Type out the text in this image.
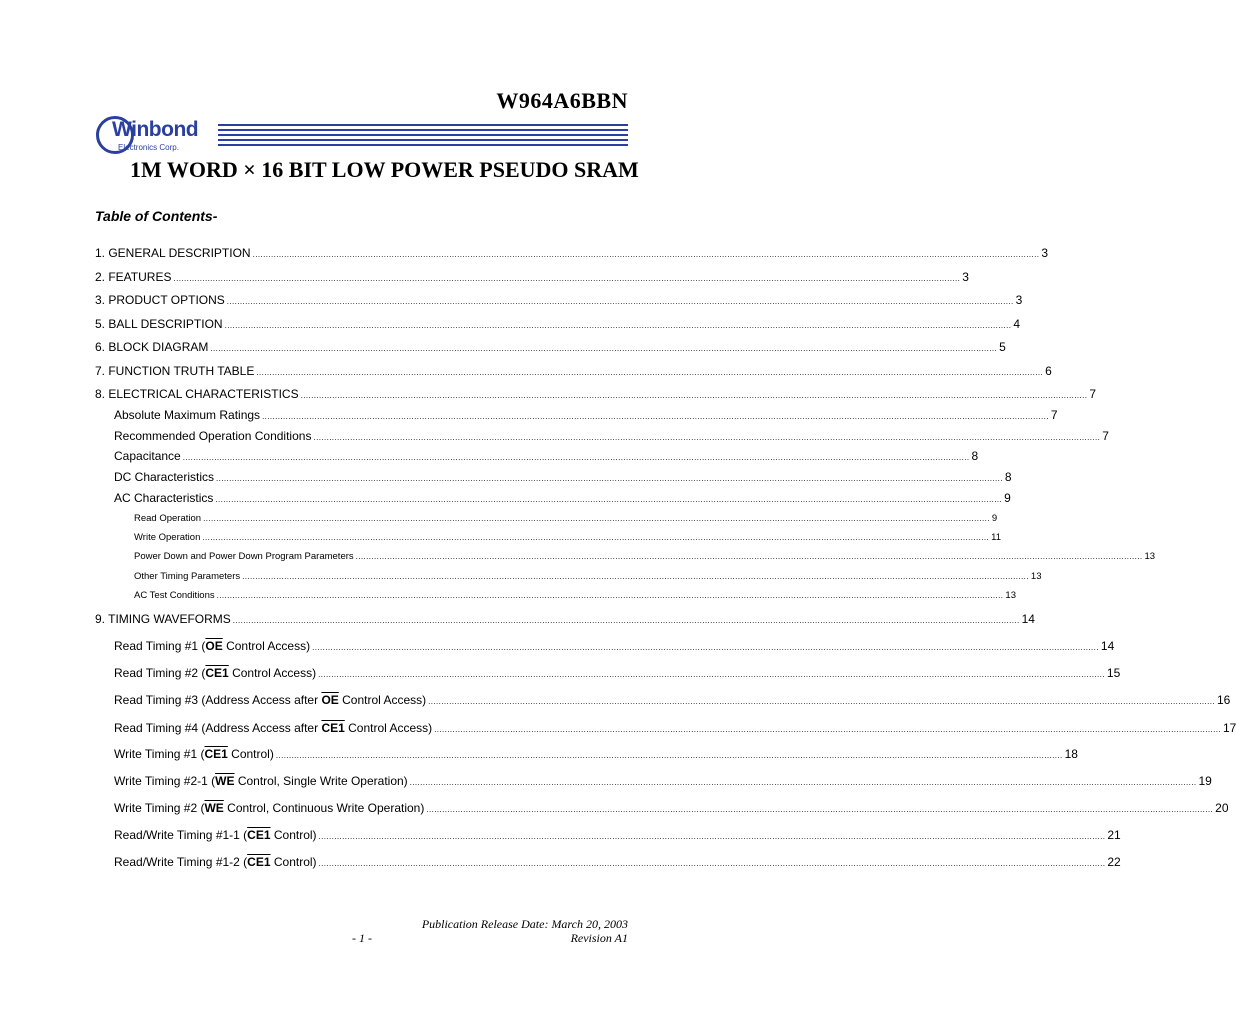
W964A6BBN
Winbond
Electronics Corp.
1M WORD × 16 BIT LOW POWER PSEUDO SRAM
Table of Contents-
1. GENERAL DESCRIPTION ............................................................................................................................................................................................................................................................................................................ 3
2. FEATURES ............................................................................................................................................................................................................................................................................................................ 3
3. PRODUCT OPTIONS ............................................................................................................................................................................................................................................................................................................ 3
5. BALL DESCRIPTION ............................................................................................................................................................................................................................................................................................................ 4
6. BLOCK DIAGRAM ............................................................................................................................................................................................................................................................................................................ 5
7. FUNCTION TRUTH TABLE ............................................................................................................................................................................................................................................................................................................ 6
8. ELECTRICAL CHARACTERISTICS ............................................................................................................................................................................................................................................................................................................ 7
Absolute Maximum Ratings ............................................................................................................................................................................................................................................................................................................ 7
Recommended Operation Conditions ............................................................................................................................................................................................................................................................................................................ 7
Capacitance ............................................................................................................................................................................................................................................................................................................ 8
DC Characteristics ............................................................................................................................................................................................................................................................................................................ 8
AC Characteristics ............................................................................................................................................................................................................................................................................................................ 9
Read Operation ............................................................................................................................................................................................................................................................................................................ 9
Write Operation ............................................................................................................................................................................................................................................................................................................ 11
Power Down and Power Down Program Parameters ............................................................................................................................................................................................................................................................................................................ 13
Other Timing Parameters ............................................................................................................................................................................................................................................................................................................ 13
AC Test Conditions ............................................................................................................................................................................................................................................................................................................ 13
9. TIMING WAVEFORMS ............................................................................................................................................................................................................................................................................................................ 14
Read Timing #1 ($\overline{OE}$ Control Access) ............................................................................................................................................................................................................................................................................................................ 14
Read Timing #2 (CE1 Control Access) ............................................................................................................................................................................................................................................................................................................ 15
Read Timing #3 (Address Access after $\overline{OE}$ Control Access) ............................................................................................................................................................................................................................................................................................................ 16
Read Timing #4 (Address Access after CE1 Control Access) ............................................................................................................................................................................................................................................................................................................ 17
Write Timing #1 (CE1 Control) ............................................................................................................................................................................................................................................................................................................ 18
Write Timing #2-1 ($\overline{WE}$ Control, Single Write Operation) ............................................................................................................................................................................................................................................................................................................ 19
Write Timing #2 ($\overline{WE}$ Control, Continuous Write Operation) ............................................................................................................................................................................................................................................................................................................ 20
Read/Write Timing #1-1 (CE1 Control) ............................................................................................................................................................................................................................................................................................................ 21
Read/Write Timing #1-2 (CE1 Control) ............................................................................................................................................................................................................................................................................................................ 22
Publication Release Date: March 20, 2003
- 1 -	Revision A1
